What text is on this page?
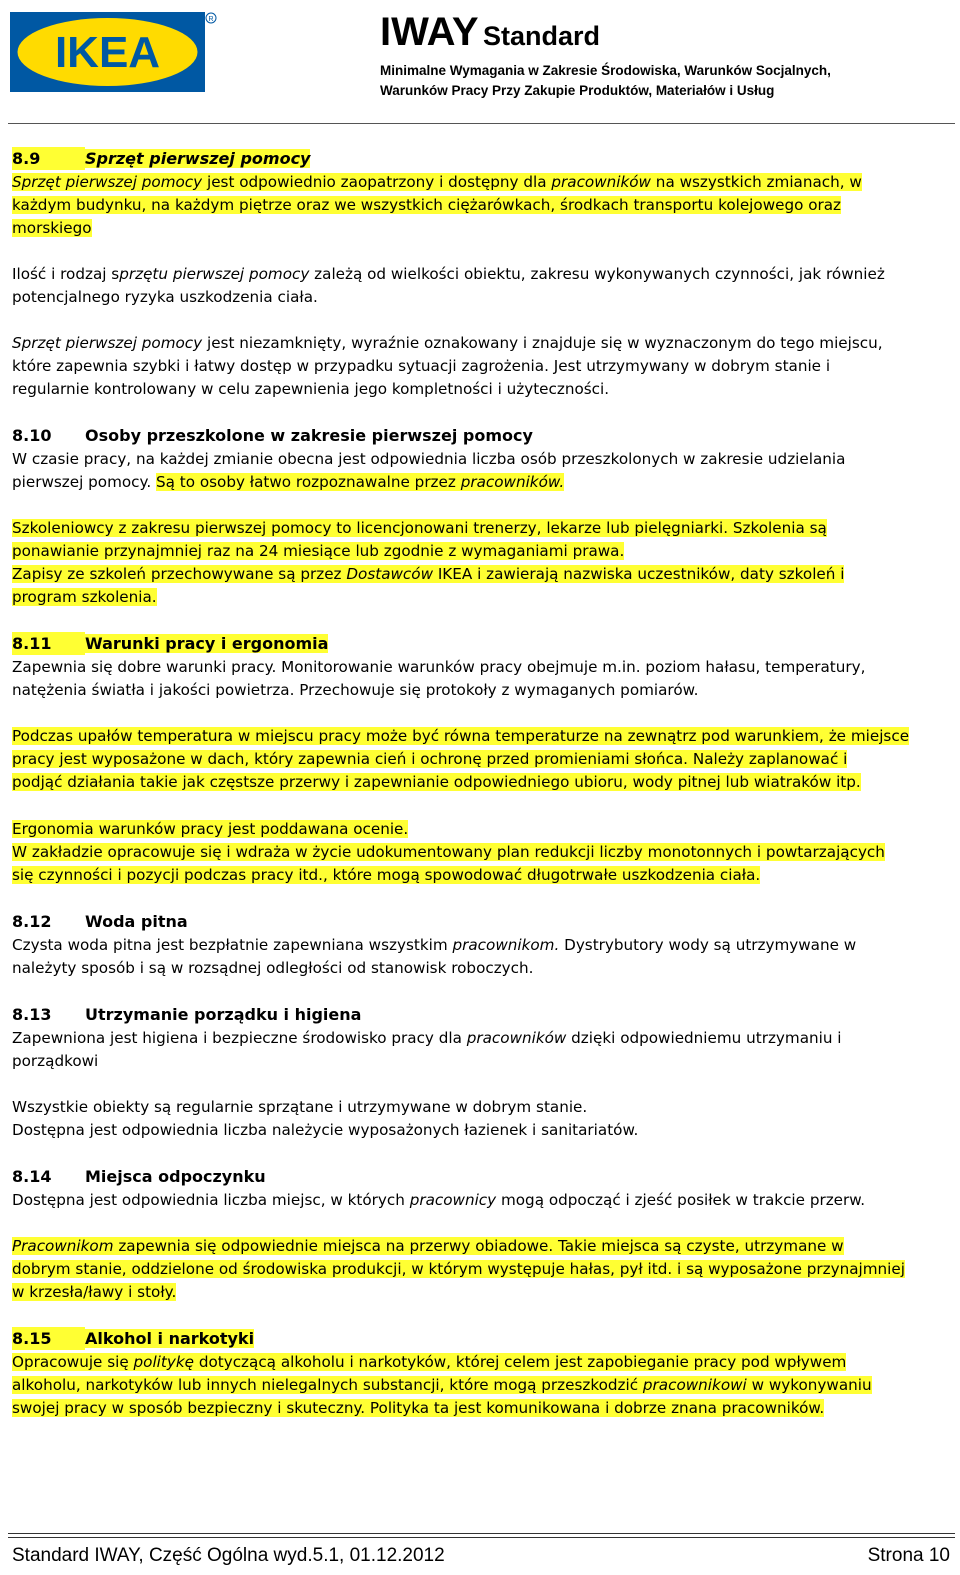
IKEA
R	IWAY Standard
Minimalne Wymagania w Zakresie Środowiska, Warunków Socjalnych,
Warunków Pracy Przy Zakupie Produktów, Materiałów i Usług
8.9	Sprzęt pierwszej pomocy
Sprzęt pierwszej pomocy jest odpowiednio zaopatrzony i dostępny dla pracowników na wszystkich zmianach, w
każdym budynku, na każdym piętrze oraz we wszystkich ciężarówkach, środkach transportu kolejowego oraz
morskiego
Ilość i rodzaj sprzętu pierwszej pomocy zależą od wielkości obiektu, zakresu wykonywanych czynności, jak również
potencjalnego ryzyka uszkodzenia ciała.
Sprzęt pierwszej pomocy jest niezamknięty, wyraźnie oznakowany i znajduje się w wyznaczonym do tego miejscu,
które zapewnia szybki i łatwy dostęp w przypadku sytuacji zagrożenia. Jest utrzymywany w dobrym stanie i
regularnie kontrolowany w celu zapewnienia jego kompletności i użyteczności.
8.10 Osoby przeszkolone w zakresie pierwszej pomocy
W czasie pracy, na każdej zmianie obecna jest odpowiednia liczba osób przeszkolonych w zakresie udzielania
pierwszej pomocy. Są to osoby łatwo rozpoznawalne przez pracowników.
Szkoleniowcy z zakresu pierwszej pomocy to licencjonowani trenerzy, lekarze lub pielęgniarki. Szkolenia są
ponawianie przynajmniej raz na 24 miesiące lub zgodnie z wymaganiami prawa.
Zapisy ze szkoleń przechowywane są przez Dostawców IKEA i zawierają nazwiska uczestników, daty szkoleń i
program szkolenia.
8.11 Warunki pracy i ergonomia
Zapewnia się dobre warunki pracy. Monitorowanie warunków pracy obejmuje m.in. poziom hałasu, temperatury,
natężenia światła i jakości powietrza. Przechowuje się protokoły z wymaganych pomiarów.
Podczas upałów temperatura w miejscu pracy może być równa temperaturze na zewnątrz pod warunkiem, że miejsce
pracy jest wyposażone w dach, który zapewnia cień i ochronę przed promieniami słońca. Należy zaplanować i
podjąć działania takie jak częstsze przerwy i zapewnianie odpowiedniego ubioru, wody pitnej lub wiatraków itp.
Ergonomia warunków pracy jest poddawana ocenie.
W zakładzie opracowuje się i wdraża w życie udokumentowany plan redukcji liczby monotonnych i powtarzających
się czynności i pozycji podczas pracy itd., które mogą spowodować długotrwałe uszkodzenia ciała.
8.12 Woda pitna
Czysta woda pitna jest bezpłatnie zapewniana wszystkim pracownikom. Dystrybutory wody są utrzymywane w
należyty sposób i są w rozsądnej odległości od stanowisk roboczych.
8.13 Utrzymanie porządku i higiena
Zapewniona jest higiena i bezpieczne środowisko pracy dla pracowników dzięki odpowiedniemu utrzymaniu i
porządkowi
Wszystkie obiekty są regularnie sprzątane i utrzymywane w dobrym stanie.
Dostępna jest odpowiednia liczba należycie wyposażonych łazienek i sanitariatów.
8.14 Miejsca odpoczynku
Dostępna jest odpowiednia liczba miejsc, w których pracownicy mogą odpocząć i zjeść posiłek w trakcie przerw.
Pracownikom zapewnia się odpowiednie miejsca na przerwy obiadowe. Takie miejsca są czyste, utrzymane w
dobrym stanie, oddzielone od środowiska produkcji, w którym występuje hałas, pył itd. i są wyposażone przynajmniej
w krzesła/ławy i stoły.
8.15 Alkohol i narkotyki
Opracowuje się politykę dotyczącą alkoholu i narkotyków, której celem jest zapobieganie pracy pod wpływem
alkoholu, narkotyków lub innych nielegalnych substancji, które mogą przeszkodzić pracownikowi w wykonywaniu
swojej pracy w sposób bezpieczny i skuteczny. Polityka ta jest komunikowana i dobrze znana pracowników.
Standard IWAY, Część Ogólna wyd.5.1, 01.12.2012	Strona 10
